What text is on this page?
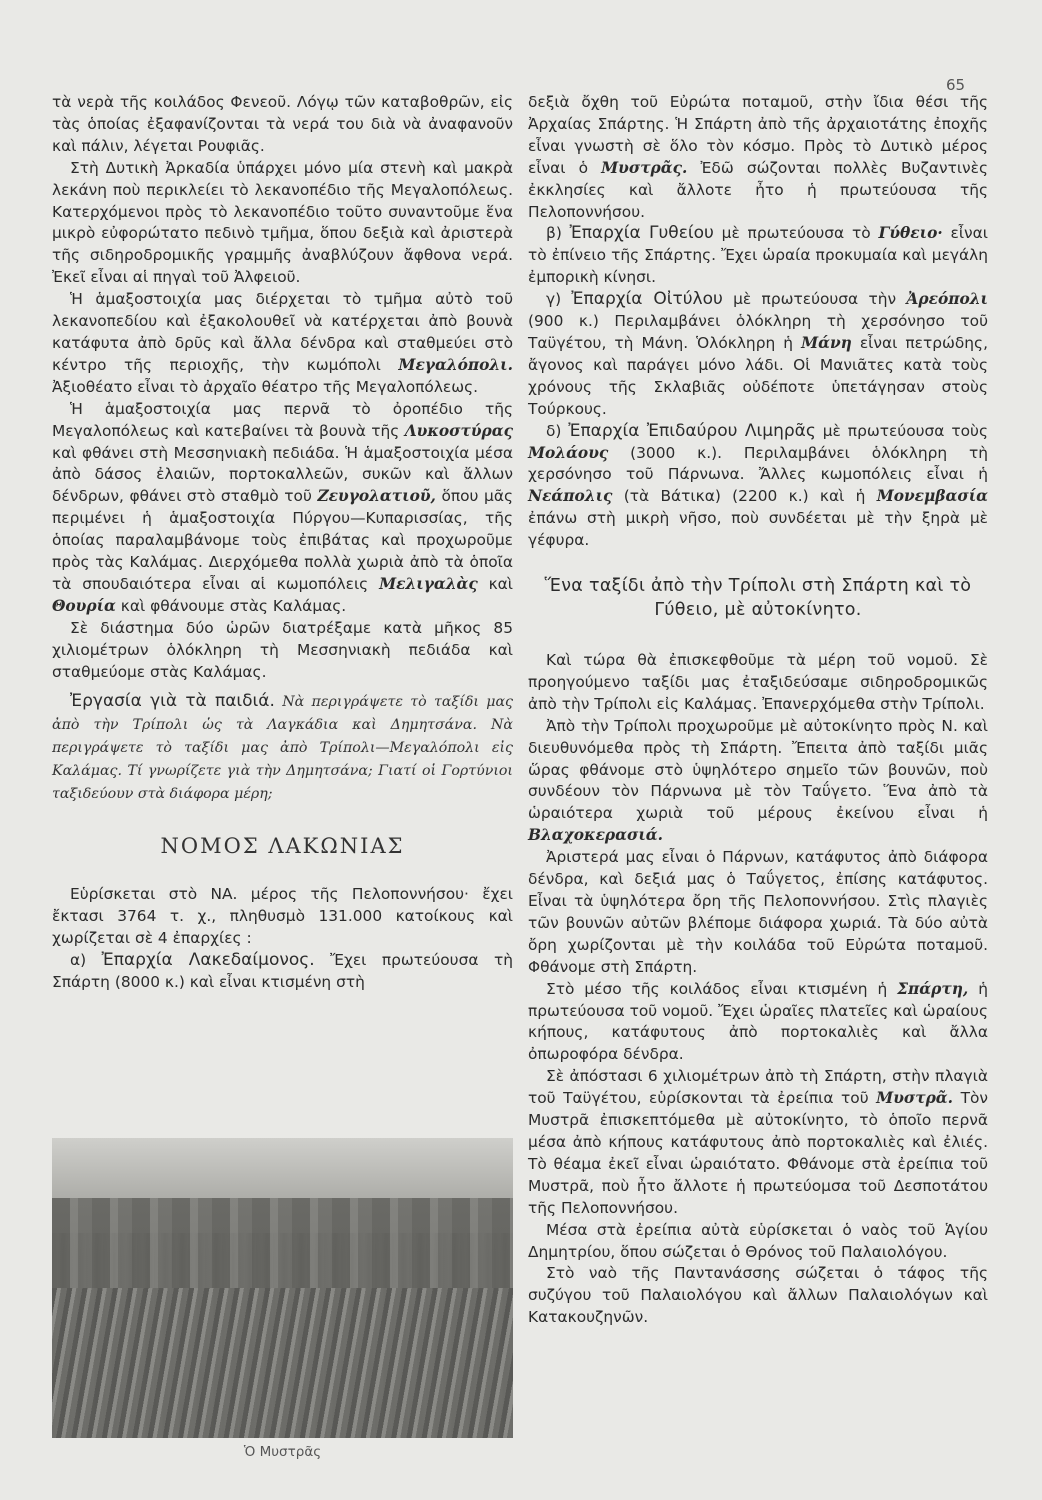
65

τὰ νερὰ τῆς κοιλάδος Φενεοῦ. Λόγῳ τῶν καταβοθρῶν, εἰς τὰς ὁποίας ἐξαφανίζονται τὰ νερά του διὰ νὰ ἀναφανοῦν καὶ πάλιν, λέγεται Ρουφιᾶς.

Στὴ Δυτικὴ Ἀρκαδία ὑπάρχει μόνο μία στενὴ καὶ μακρὰ λεκάνη ποὺ περικλείει τὸ λεκανοπέδιο τῆς Μεγαλοπόλεως. Κατερχόμενοι πρὸς τὸ λεκανοπέδιο τοῦτο συναντοῦμε ἕνα μικρὸ εὐφορώτατο πεδινὸ τμῆμα, ὅπου δεξιὰ καὶ ἀριστερὰ τῆς σιδηροδρομικῆς γραμμῆς ἀναβλύζουν ἄφθονα νερά. Ἐκεῖ εἶναι αἱ πηγαὶ τοῦ Ἀλφειοῦ.

Ἡ ἁμαξοστοιχία μας διέρχεται τὸ τμῆμα αὐτὸ τοῦ λεκανοπεδίου καὶ ἐξακολουθεῖ νὰ κατέρχεται ἀπὸ βουνὰ κατάφυτα ἀπὸ δρῦς καὶ ἄλλα δένδρα καὶ σταθμεύει στὸ κέντρο τῆς περιοχῆς, τὴν κωμόπολι Μεγαλόπολι. Ἀξιοθέατο εἶναι τὸ ἀρχαῖο θέατρο τῆς Μεγαλοπόλεως.

Ἡ ἁμαξοστοιχία μας περνᾶ τὸ ὀροπέδιο τῆς Μεγαλοπόλεως καὶ κατεβαίνει τὰ βουνὰ τῆς Λυκοστύρας καὶ φθάνει στὴ Μεσσηνιακὴ πεδιάδα. Ἡ ἁμαξοστοιχία μέσα ἀπὸ δάσος ἐλαιῶν, πορτοκαλλεῶν, συκῶν καὶ ἄλλων δένδρων, φθάνει στὸ σταθμὸ τοῦ Ζευγολατιοῦ, ὅπου μᾶς περιμένει ἡ ἁμαξοστοιχία Πύργου—Κυπαρισσίας, τῆς ὁποίας παραλαμβάνομε τοὺς ἐπιβάτας καὶ προχωροῦμε πρὸς τὰς Καλάμας. Διερχόμεθα πολλὰ χωριὰ ἀπὸ τὰ ὁποῖα τὰ σπουδαιότερα εἶναι αἱ κωμοπόλεις Μελιγαλὰς καὶ Θουρία καὶ φθάνουμε στὰς Καλάμας.

Σὲ διάστημα δύο ὡρῶν διατρέξαμε κατὰ μῆκος 85 χιλιομέτρων ὁλόκληρη τὴ Μεσσηνιακὴ πεδιάδα καὶ σταθμεύομε στὰς Καλάμας.

Ἐργασία γιὰ τὰ παιδιά. Νὰ περιγράψετε τὸ ταξίδι μας ἀπὸ τὴν Τρίπολι ὡς τὰ Λαγκάδια καὶ Δημητσάνα. Νὰ περιγράψετε τὸ ταξίδι μας ἀπὸ Τρίπολι—Μεγαλόπολι εἰς Καλάμας. Τί γνωρίζετε γιὰ τὴν Δημητσάνα; Γιατί οἱ Γορτύνιοι ταξιδεύουν στὰ διάφορα μέρη;

ΝΟΜΟΣ ΛΑΚΩΝΙΑΣ

Εὑρίσκεται στὸ ΝΑ. μέρος τῆς Πελοποννήσου· ἔχει ἔκτασι 3764 τ. χ., πληθυσμὸ 131.000 κατοίκους καὶ χωρίζεται σὲ 4 ἐπαρχίες :

α) Ἐπαρχία Λακεδαίμονος. Ἔχει πρωτεύουσα τὴ Σπάρτη (8000 κ.) καὶ εἶναι κτισμένη στὴ

Ὁ Μυστρᾶς

δεξιὰ ὄχθη τοῦ Εὐρώτα ποταμοῦ, στὴν ἴδια θέσι τῆς Ἀρχαίας Σπάρτης. Ἡ Σπάρτη ἀπὸ τῆς ἀρχαιοτάτης ἐποχῆς εἶναι γνωστὴ σὲ ὅλο τὸν κόσμο. Πρὸς τὸ Δυτικὸ μέρος εἶναι ὁ Μυστρᾶς. Ἐδῶ σώζονται πολλὲς Βυζαντινὲς ἐκκλησίες καὶ ἄλλοτε ἦτο ἡ πρωτεύουσα τῆς Πελοποννήσου.

β) Ἐπαρχία Γυθείου μὲ πρωτεύουσα τὸ Γύθειο· εἶναι τὸ ἐπίνειο τῆς Σπάρτης. Ἔχει ὡραία προκυμαία καὶ μεγάλη ἐμπορικὴ κίνησι.

γ) Ἐπαρχία Οἰτύλου μὲ πρωτεύουσα τὴν Ἀρεόπολι (900 κ.) Περιλαμβάνει ὁλόκληρη τὴ χερσόνησο τοῦ Ταϋγέτου, τὴ Μάνη. Ὁλόκληρη ἡ Μάνη εἶναι πετρώδης, ἄγονος καὶ παράγει μόνο λάδι. Οἱ Μανιᾶτες κατὰ τοὺς χρόνους τῆς Σκλαβιᾶς οὐδέποτε ὑπετάγησαν στοὺς Τούρκους.

δ) Ἐπαρχία Ἐπιδαύρου Λιμηρᾶς μὲ πρωτεύουσα τοὺς Μολάους (3000 κ.). Περιλαμβάνει ὁλόκληρη τὴ χερσόνησο τοῦ Πάρνωνα. Ἄλλες κωμοπόλεις εἶναι ἡ Νεάπολις (τὰ Βάτικα) (2200 κ.) καὶ ἡ Μονεμβασία ἐπάνω στὴ μικρὴ νῆσο, ποὺ συνδέεται μὲ τὴν ξηρὰ μὲ γέφυρα.

Ἕνα ταξίδι ἀπὸ τὴν Τρίπολι στὴ Σπάρτη καὶ τὸ Γύθειο, μὲ αὐτοκίνητο.

Καὶ τώρα θὰ ἐπισκεφθοῦμε τὰ μέρη τοῦ νομοῦ. Σὲ προηγούμενο ταξίδι μας ἐταξιδεύσαμε σιδηροδρομικῶς ἀπὸ τὴν Τρίπολι εἰς Καλάμας. Ἐπανερχόμεθα στὴν Τρίπολι.

Ἀπὸ τὴν Τρίπολι προχωροῦμε μὲ αὐτοκίνητο πρὸς Ν. καὶ διευθυνόμεθα πρὸς τὴ Σπάρτη. Ἔπειτα ἀπὸ ταξίδι μιᾶς ὥρας φθάνομε στὸ ὑψηλότερο σημεῖο τῶν βουνῶν, ποὺ συνδέουν τὸν Πάρνωνα μὲ τὸν Ταΰγετο. Ἕνα ἀπὸ τὰ ὡραιότερα χωριὰ τοῦ μέρους ἐκείνου εἶναι ἡ Βλαχοκερασιά.

Ἀριστερά μας εἶναι ὁ Πάρνων, κατάφυτος ἀπὸ διάφορα δένδρα, καὶ δεξιά μας ὁ Ταΰγετος, ἐπίσης κατάφυτος. Εἶναι τὰ ὑψηλότερα ὄρη τῆς Πελοποννήσου. Στὶς πλαγιὲς τῶν βουνῶν αὐτῶν βλέπομε διάφορα χωριά. Τὰ δύο αὐτὰ ὄρη χωρίζονται μὲ τὴν κοιλάδα τοῦ Εὐρώτα ποταμοῦ. Φθάνομε στὴ Σπάρτη.

Στὸ μέσο τῆς κοιλάδος εἶναι κτισμένη ἡ Σπάρτη, ἡ πρωτεύουσα τοῦ νομοῦ. Ἔχει ὡραῖες πλατεῖες καὶ ὡραίους κήπους, κατάφυτους ἀπὸ πορτοκαλιὲς καὶ ἄλλα ὀπωροφόρα δένδρα.

Σὲ ἀπόστασι 6 χιλιομέτρων ἀπὸ τὴ Σπάρτη, στὴν πλαγιὰ τοῦ Ταϋγέτου, εὑρίσκονται τὰ ἐρείπια τοῦ Μυστρᾶ. Τὸν Μυστρᾶ ἐπισκεπτόμεθα μὲ αὐτοκίνητο, τὸ ὁποῖο περνᾶ μέσα ἀπὸ κήπους κατάφυτους ἀπὸ πορτοκαλιὲς καὶ ἐλιές. Τὸ θέαμα ἐκεῖ εἶναι ὡραιότατο. Φθάνομε στὰ ἐρείπια τοῦ Μυστρᾶ, ποὺ ἦτο ἄλλοτε ἡ πρωτεύομσα τοῦ Δεσποτάτου τῆς Πελοποννήσου.

Μέσα στὰ ἐρείπια αὐτὰ εὑρίσκεται ὁ ναὸς τοῦ Ἁγίου Δημητρίου, ὅπου σώζεται ὁ Θρόνος τοῦ Παλαιολόγου.

Στὸ ναὸ τῆς Παντανάσσης σώζεται ὁ τάφος τῆς συζύγου τοῦ Παλαιολόγου καὶ ἄλλων Παλαιολόγων καὶ Κατακουζηνῶν.
